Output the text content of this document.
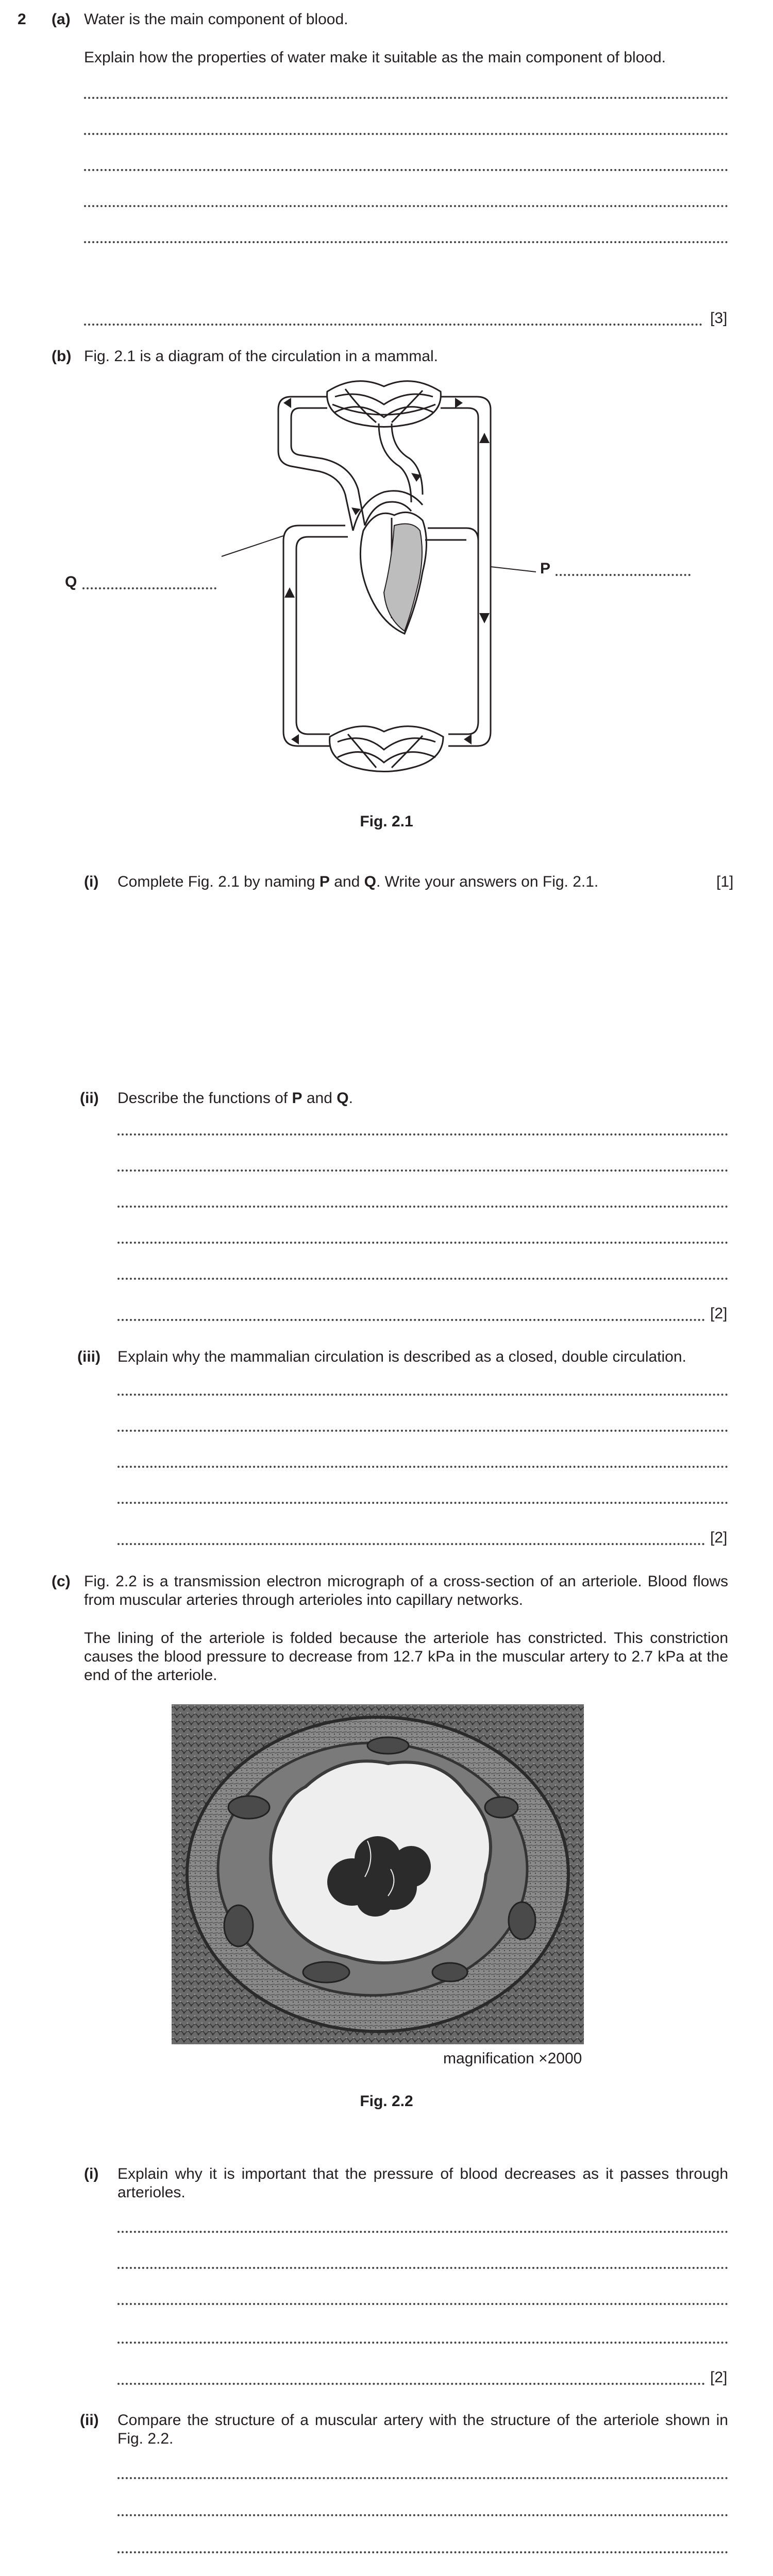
2 (a) Water is the main component of blood.
Explain how the properties of water make it suitable as the main component of blood.
[3]
(b) Fig. 2.1 is a diagram of the circulation in a mammal.
Q
P
Fig. 2.1
(i) Complete Fig. 2.1 by naming P and Q. Write your answers on Fig. 2.1.	[1]
(ii) Describe the functions of P and Q.
[2]
(iii) Explain why the mammalian circulation is described as a closed, double circulation.
[2]
(c) Fig. 2.2 is a transmission electron micrograph of a cross-section of an arteriole. Blood flows from muscular arteries through arterioles into capillary networks.
The lining of the arteriole is folded because the arteriole has constricted. This constriction causes the blood pressure to decrease from 12.7 kPa in the muscular artery to 2.7 kPa at the end of the arteriole.
magnification ×2000
Fig. 2.2
(i) Explain why it is important that the pressure of blood decreases as it passes through arterioles.
[2]
(ii) Compare the structure of a muscular artery with the structure of the arteriole shown in Fig. 2.2.
